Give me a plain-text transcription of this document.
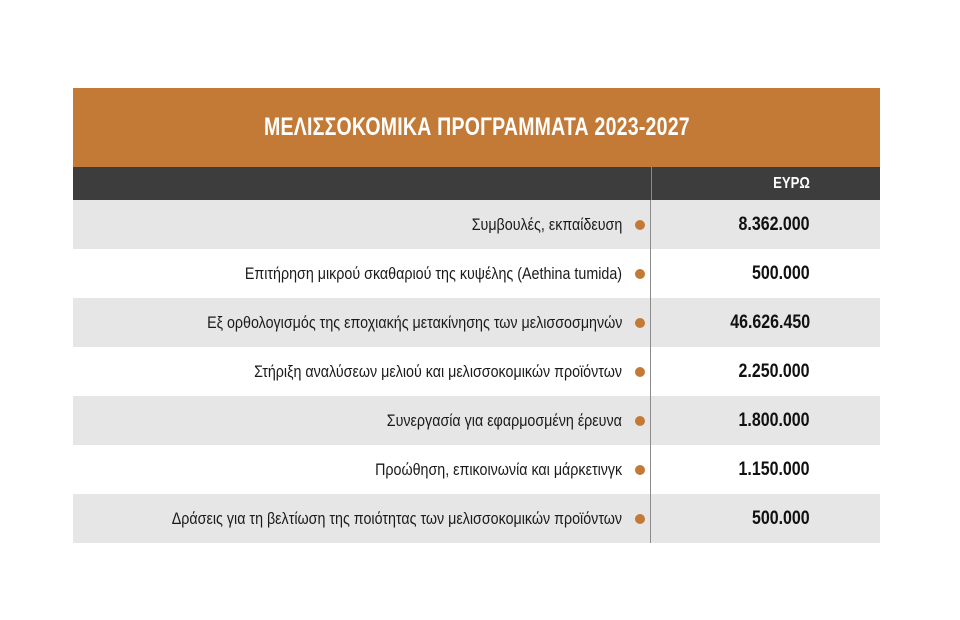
ΜΕΛΙΣΣΟΚΟΜΙΚΑ ΠΡΟΓΡΑΜΜΑΤΑ 2023-2027
ΕΥΡΩ
Συμβουλές, εκπαίδευση	8.362.000
Επιτήρηση μικρού σκαθαριού της κυψέλης (Aethina tumida)	500.000
Εξ ορθολογισμός της εποχιακής μετακίνησης των μελισσοσμηνών	46.626.450
Στήριξη αναλύσεων μελιού και μελισσοκομικών προϊόντων	2.250.000
Συνεργασία για εφαρμοσμένη έρευνα	1.800.000
Προώθηση, επικοινωνία και μάρκετινγκ	1.150.000
Δράσεις για τη βελτίωση της ποιότητας των μελισσοκομικών προϊόντων	500.000
